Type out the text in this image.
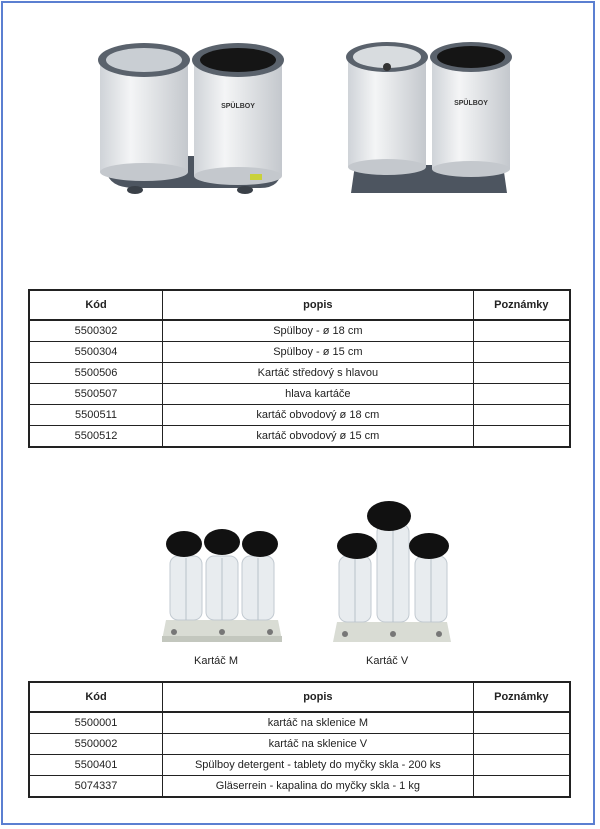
SPÜLBOY	SPÜLBOY
Kód	popis	Poznámky
5500302	Spülboy - ø 18 cm	
5500304	Spülboy - ø 15 cm	
5500506	Kartáč středový s hlavou	
5500507	hlava kartáče	
5500511	kartáč obvodový ø 18 cm	
5500512	kartáč obvodový ø 15 cm	
Kartáč M	Kartáč V
Kód	popis	Poznámky
5500001	kartáč na sklenice M	
5500002	kartáč na sklenice V	
5500401	Spülboy detergent - tablety do myčky skla - 200 ks	
5074337	Gläserrein - kapalina do myčky skla - 1 kg	
